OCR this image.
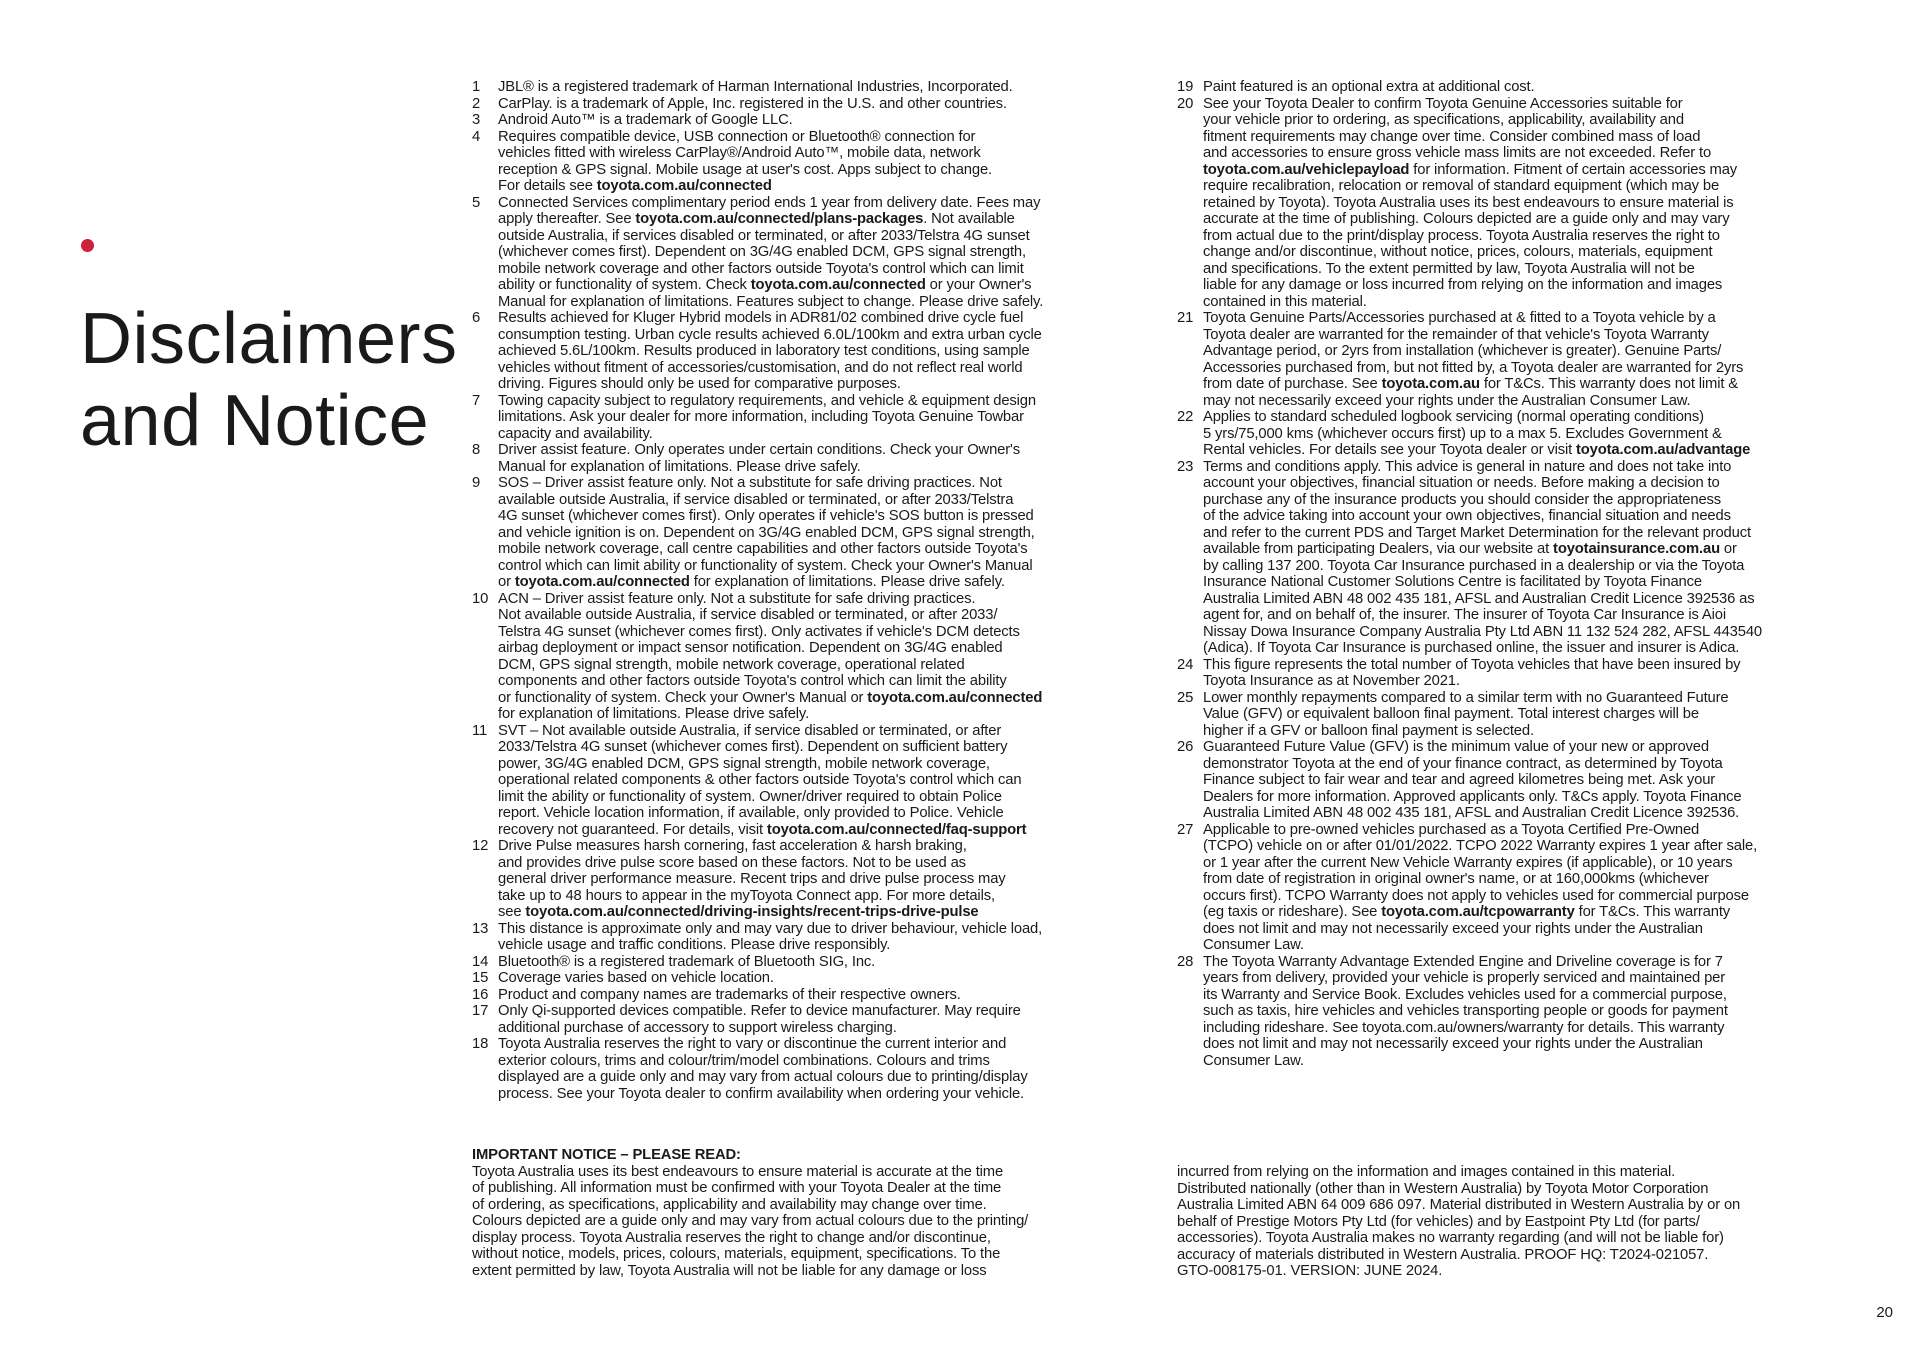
Disclaimers
and Notice
1	JBL® is a registered trademark of Harman International Industries, Incorporated.
2	CarPlay. is a trademark of Apple, Inc. registered in the U.S. and other countries.
3	Android Auto™ is a trademark of Google LLC.
4	Requires compatible device, USB connection or Bluetooth® connection for
vehicles fitted with wireless CarPlay®/Android Auto™, mobile data, network
reception & GPS signal. Mobile usage at user's cost. Apps subject to change.
For details see toyota.com.au/connected
5	Connected Services complimentary period ends 1 year from delivery date. Fees may
apply thereafter. See toyota.com.au/connected/plans-packages. Not available
outside Australia, if services disabled or terminated, or after 2033/Telstra 4G sunset
(whichever comes first). Dependent on 3G/4G enabled DCM, GPS signal strength,
mobile network coverage and other factors outside Toyota's control which can limit
ability or functionality of system. Check toyota.com.au/connected or your Owner's
Manual for explanation of limitations. Features subject to change. Please drive safely.
6	Results achieved for Kluger Hybrid models in ADR81/02 combined drive cycle fuel
consumption testing. Urban cycle results achieved 6.0L/100km and extra urban cycle
achieved 5.6L/100km. Results produced in laboratory test conditions, using sample
vehicles without fitment of accessories/customisation, and do not reflect real world
driving. Figures should only be used for comparative purposes.
7	Towing capacity subject to regulatory requirements, and vehicle & equipment design
limitations. Ask your dealer for more information, including Toyota Genuine Towbar
capacity and availability.
8	Driver assist feature. Only operates under certain conditions. Check your Owner's
Manual for explanation of limitations. Please drive safely.
9	SOS – Driver assist feature only. Not a substitute for safe driving practices. Not
available outside Australia, if service disabled or terminated, or after 2033/Telstra
4G sunset (whichever comes first). Only operates if vehicle's SOS button is pressed
and vehicle ignition is on. Dependent on 3G/4G enabled DCM, GPS signal strength,
mobile network coverage, call centre capabilities and other factors outside Toyota's
control which can limit ability or functionality of system. Check your Owner's Manual
or toyota.com.au/connected for explanation of limitations. Please drive safely.
10 ACN – Driver assist feature only. Not a substitute for safe driving practices.
Not available outside Australia, if service disabled or terminated, or after 2033/
Telstra 4G sunset (whichever comes first). Only activates if vehicle's DCM detects
airbag deployment or impact sensor notification. Dependent on 3G/4G enabled
DCM, GPS signal strength, mobile network coverage, operational related
components and other factors outside Toyota's control which can limit the ability
or functionality of system. Check your Owner's Manual or toyota.com.au/connected
for explanation of limitations. Please drive safely.
11 SVT – Not available outside Australia, if service disabled or terminated, or after
2033/Telstra 4G sunset (whichever comes first). Dependent on sufficient battery
power, 3G/4G enabled DCM, GPS signal strength, mobile network coverage,
operational related components & other factors outside Toyota's control which can
limit the ability or functionality of system. Owner/driver required to obtain Police
report. Vehicle location information, if available, only provided to Police. Vehicle
recovery not guaranteed. For details, visit toyota.com.au/connected/faq-support
12 Drive Pulse measures harsh cornering, fast acceleration & harsh braking,
and provides drive pulse score based on these factors. Not to be used as
general driver performance measure. Recent trips and drive pulse process may
take up to 48 hours to appear in the myToyota Connect app. For more details,
see toyota.com.au/connected/driving-insights/recent-trips-drive-pulse
13 This distance is approximate only and may vary due to driver behaviour, vehicle load,
vehicle usage and traffic conditions. Please drive responsibly.
14 Bluetooth® is a registered trademark of Bluetooth SIG, Inc.
15 Coverage varies based on vehicle location.
16 Product and company names are trademarks of their respective owners.
17 Only Qi-supported devices compatible. Refer to device manufacturer. May require
additional purchase of accessory to support wireless charging.
18 Toyota Australia reserves the right to vary or discontinue the current interior and
exterior colours, trims and colour/trim/model combinations. Colours and trims
displayed are a guide only and may vary from actual colours due to printing/display
process. See your Toyota dealer to confirm availability when ordering your vehicle.
19 Paint featured is an optional extra at additional cost.
20 See your Toyota Dealer to confirm Toyota Genuine Accessories suitable for
your vehicle prior to ordering, as specifications, applicability, availability and
fitment requirements may change over time. Consider combined mass of load
and accessories to ensure gross vehicle mass limits are not exceeded. Refer to
toyota.com.au/vehiclepayload for information. Fitment of certain accessories may
require recalibration, relocation or removal of standard equipment (which may be
retained by Toyota). Toyota Australia uses its best endeavours to ensure material is
accurate at the time of publishing. Colours depicted are a guide only and may vary
from actual due to the print/display process. Toyota Australia reserves the right to
change and/or discontinue, without notice, prices, colours, materials, equipment
and specifications. To the extent permitted by law, Toyota Australia will not be
liable for any damage or loss incurred from relying on the information and images
contained in this material.
21 Toyota Genuine Parts/Accessories purchased at & fitted to a Toyota vehicle by a
Toyota dealer are warranted for the remainder of that vehicle's Toyota Warranty
Advantage period, or 2yrs from installation (whichever is greater). Genuine Parts/
Accessories purchased from, but not fitted by, a Toyota dealer are warranted for 2yrs
from date of purchase. See toyota.com.au for T&Cs. This warranty does not limit &
may not necessarily exceed your rights under the Australian Consumer Law.
22 Applies to standard scheduled logbook servicing (normal operating conditions)
5 yrs/75,000 kms (whichever occurs first) up to a max 5. Excludes Government &
Rental vehicles. For details see your Toyota dealer or visit toyota.com.au/advantage
23 Terms and conditions apply. This advice is general in nature and does not take into
account your objectives, financial situation or needs. Before making a decision to
purchase any of the insurance products you should consider the appropriateness
of the advice taking into account your own objectives, financial situation and needs
and refer to the current PDS and Target Market Determination for the relevant product
available from participating Dealers, via our website at toyotainsurance.com.au or
by calling 137 200. Toyota Car Insurance purchased in a dealership or via the Toyota
Insurance National Customer Solutions Centre is facilitated by Toyota Finance
Australia Limited ABN 48 002 435 181, AFSL and Australian Credit Licence 392536 as
agent for, and on behalf of, the insurer. The insurer of Toyota Car Insurance is Aioi
Nissay Dowa Insurance Company Australia Pty Ltd ABN 11 132 524 282, AFSL 443540
(Adica). If Toyota Car Insurance is purchased online, the issuer and insurer is Adica.
24 This figure represents the total number of Toyota vehicles that have been insured by
Toyota Insurance as at November 2021.
25 Lower monthly repayments compared to a similar term with no Guaranteed Future
Value (GFV) or equivalent balloon final payment. Total interest charges will be
higher if a GFV or balloon final payment is selected.
26 Guaranteed Future Value (GFV) is the minimum value of your new or approved
demonstrator Toyota at the end of your finance contract, as determined by Toyota
Finance subject to fair wear and tear and agreed kilometres being met. Ask your
Dealers for more information. Approved applicants only. T&Cs apply. Toyota Finance
Australia Limited ABN 48 002 435 181, AFSL and Australian Credit Licence 392536.
27 Applicable to pre-owned vehicles purchased as a Toyota Certified Pre-Owned
(TCPO) vehicle on or after 01/01/2022. TCPO 2022 Warranty expires 1 year after sale,
or 1 year after the current New Vehicle Warranty expires (if applicable), or 10 years
from date of registration in original owner's name, or at 160,000kms (whichever
occurs first). TCPO Warranty does not apply to vehicles used for commercial purpose
(eg taxis or rideshare). See toyota.com.au/tcpowarranty for T&Cs. This warranty
does not limit and may not necessarily exceed your rights under the Australian
Consumer Law.
28 The Toyota Warranty Advantage Extended Engine and Driveline coverage is for 7
years from delivery, provided your vehicle is properly serviced and maintained per
its Warranty and Service Book. Excludes vehicles used for a commercial purpose,
such as taxis, hire vehicles and vehicles transporting people or goods for payment
including rideshare. See toyota.com.au/owners/warranty for details. This warranty
does not limit and may not necessarily exceed your rights under the Australian
Consumer Law.
IMPORTANT NOTICE – PLEASE READ:
Toyota Australia uses its best endeavours to ensure material is accurate at the time
of publishing. All information must be confirmed with your Toyota Dealer at the time
of ordering, as specifications, applicability and availability may change over time.
Colours depicted are a guide only and may vary from actual colours due to the printing/
display process. Toyota Australia reserves the right to change and/or discontinue,
without notice, models, prices, colours, materials, equipment, specifications. To the
extent permitted by law, Toyota Australia will not be liable for any damage or loss
incurred from relying on the information and images contained in this material.
Distributed nationally (other than in Western Australia) by Toyota Motor Corporation
Australia Limited ABN 64 009 686 097. Material distributed in Western Australia by or on
behalf of Prestige Motors Pty Ltd (for vehicles) and by Eastpoint Pty Ltd (for parts/
accessories). Toyota Australia makes no warranty regarding (and will not be liable for)
accuracy of materials distributed in Western Australia. PROOF HQ: T2024-021057.
GTO-008175-01. VERSION: JUNE 2024.
20
